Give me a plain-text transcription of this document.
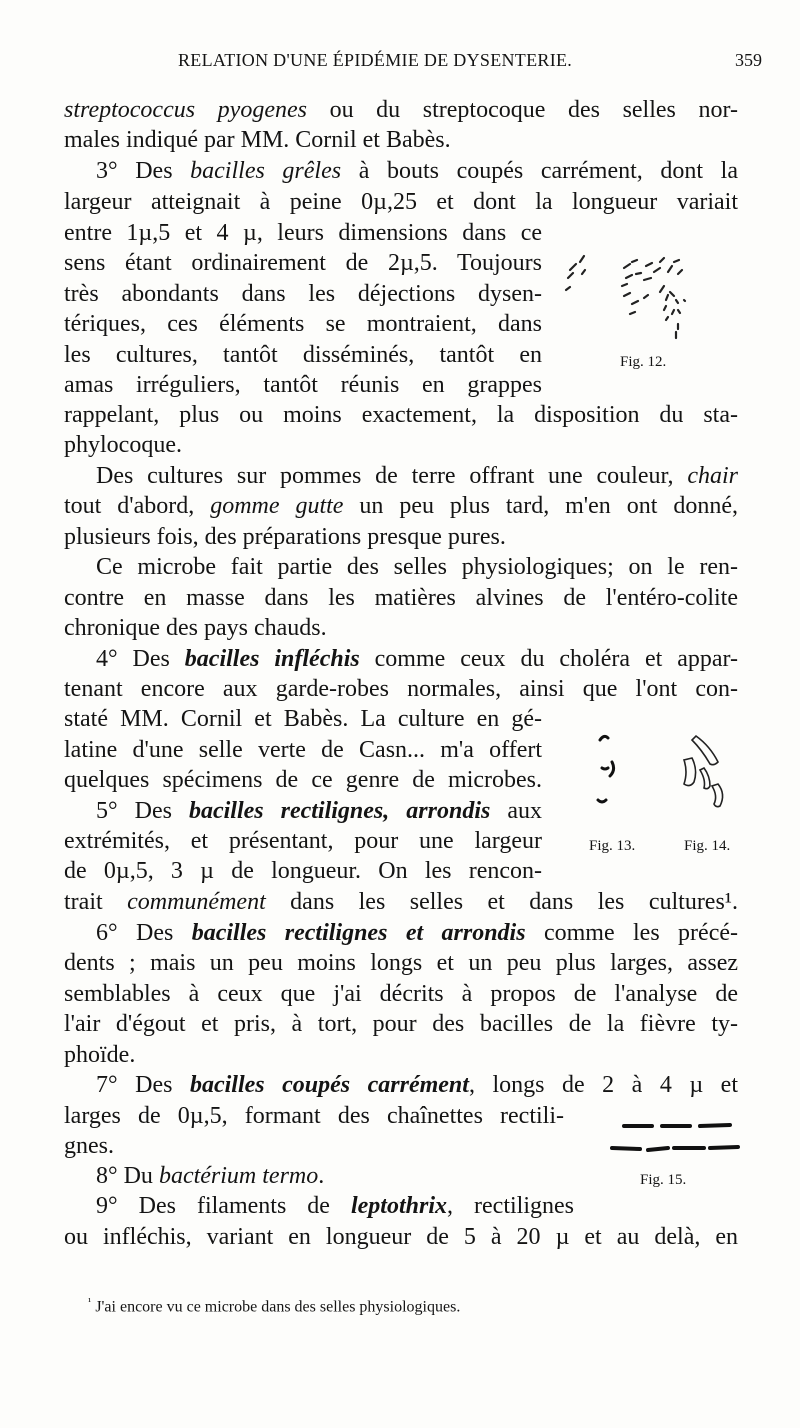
RELATION D'UNE ÉPIDÉMIE DE DYSENTERIE.	359
streptococcus pyogenes ou du streptocoque des selles nor-
males indiqué par MM. Cornil et Babès.
3° Des bacilles grêles à bouts coupés carrément, dont la
largeur atteignait à peine 0µ,25 et dont la longueur variait
entre 1µ,5 et 4 µ, leurs dimensions dans ce
sens étant ordinairement de 2µ,5. Toujours
très abondants dans les déjections dysen-
tériques, ces éléments se montraient, dans
les cultures, tantôt disséminés, tantôt en
amas irréguliers, tantôt réunis en grappes
rappelant, plus ou moins exactement, la disposition du sta-
phylocoque.
Des cultures sur pommes de terre offrant une couleur, chair
tout d'abord, gomme gutte un peu plus tard, m'en ont donné,
plusieurs fois, des préparations presque pures.
Ce microbe fait partie des selles physiologiques; on le ren-
contre en masse dans les matières alvines de l'entéro-colite
chronique des pays chauds.
4° Des bacilles infléchis comme ceux du choléra et appar-
tenant encore aux garde-robes normales, ainsi que l'ont con-
staté MM. Cornil et Babès. La culture en gé-
latine d'une selle verte de Casn... m'a offert
quelques spécimens de ce genre de microbes.
5° Des bacilles rectilignes, arrondis aux
extrémités, et présentant, pour une largeur
de 0µ,5, 3 µ de longueur. On les rencon-
trait communément dans les selles et dans les cultures¹.
6° Des bacilles rectilignes et arrondis comme les précé-
dents ; mais un peu moins longs et un peu plus larges, assez
semblables à ceux que j'ai décrits à propos de l'analyse de
l'air d'égout et pris, à tort, pour des bacilles de la fièvre ty-
phoïde.
7° Des bacilles coupés carrément, longs de 2 à 4 µ et
larges de 0µ,5, formant des chaînettes rectili-
gnes.
8° Du bactérium termo.
9° Des filaments de leptothrix, rectilignes
ou infléchis, variant en longueur de 5 à 20 µ et au delà, en
Fig. 12.
Fig. 13.	Fig. 14.
Fig. 15.
$^{^1}$ J'ai encore vu ce microbe dans des selles physiologiques.
